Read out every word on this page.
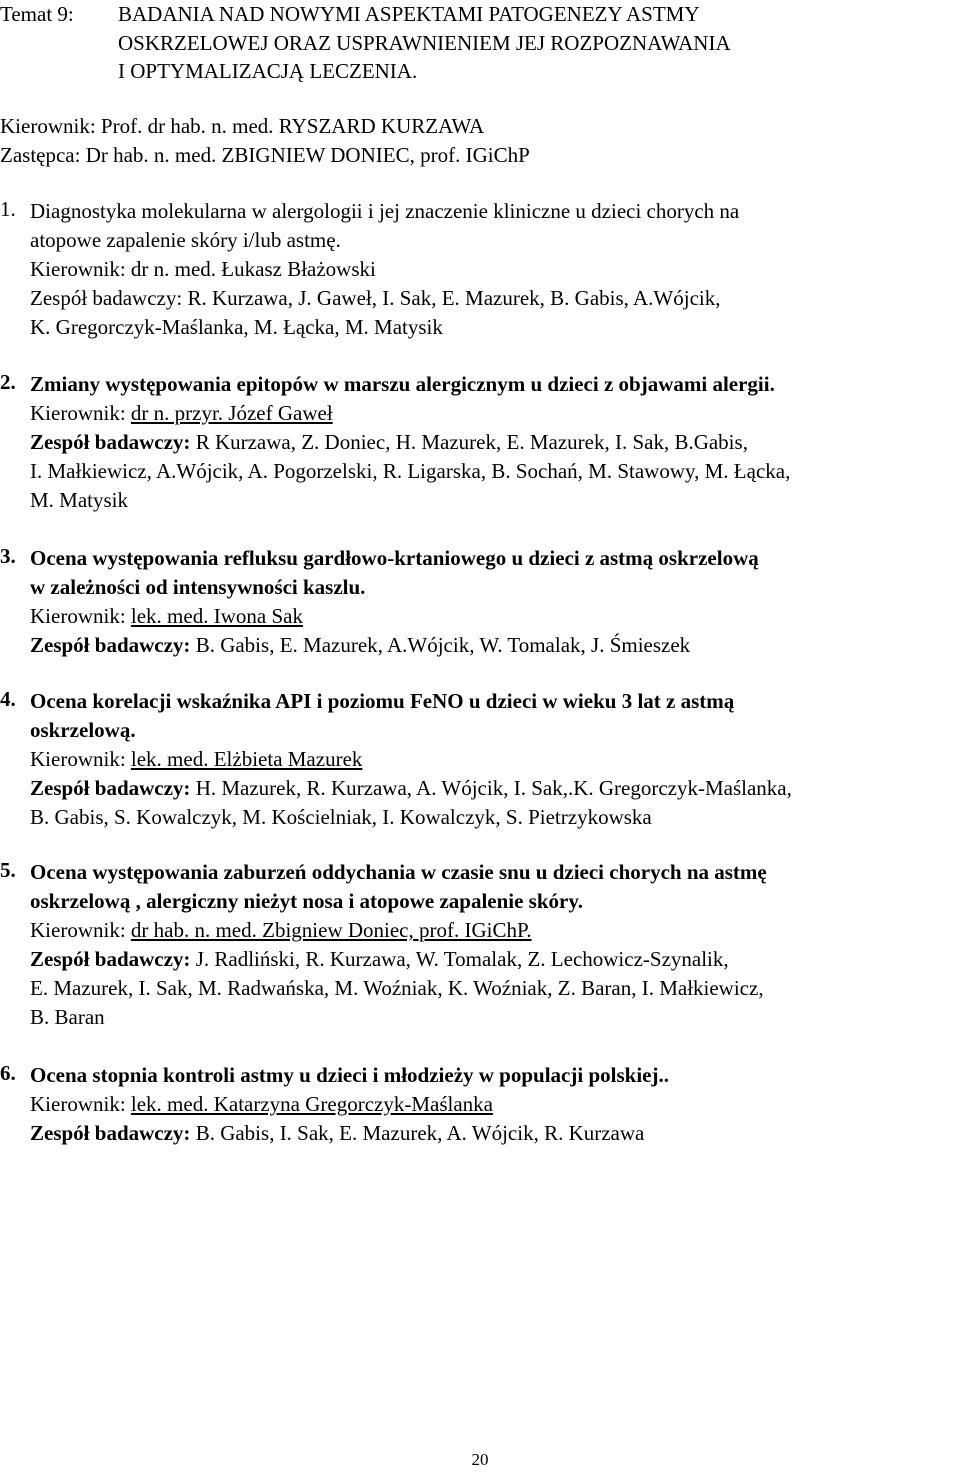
Temat 9: BADANIA NAD NOWYMI ASPEKTAMI PATOGENEZY ASTMY
OSKRZELOWEJ ORAZ USPRAWNIENIEM JEJ ROZPOZNAWANIA
I OPTYMALIZACJĄ LECZENIA.
Kierownik: Prof. dr hab. n. med. RYSZARD KURZAWA
Zastępca: Dr hab. n. med. ZBIGNIEW DONIEC, prof. IGiChP
1. Diagnostyka molekularna w alergologii i jej znaczenie kliniczne u dzieci chorych na
atopowe zapalenie skóry i/lub astmę.
Kierownik: dr n. med. Łukasz Błażowski
Zespół badawczy: R. Kurzawa, J. Gaweł, I. Sak, E. Mazurek, B. Gabis, A.Wójcik,
K. Gregorczyk-Maślanka, M. Łącka, M. Matysik
2. Zmiany występowania epitopów w marszu alergicznym u dzieci z objawami alergii.
Kierownik: dr n. przyr. Józef Gaweł
Zespół badawczy: R Kurzawa, Z. Doniec, H. Mazurek, E. Mazurek, I. Sak, B.Gabis,
I. Małkiewicz, A.Wójcik, A. Pogorzelski, R. Ligarska, B. Sochań, M. Stawowy, M. Łącka,
M. Matysik
3. Ocena występowania refluksu gardłowo-krtaniowego u dzieci z astmą oskrzelową
w zależności od intensywności kaszlu.
Kierownik: lek. med. Iwona Sak
Zespół badawczy: B. Gabis, E. Mazurek, A.Wójcik, W. Tomalak, J. Śmieszek
4. Ocena korelacji wskaźnika API i poziomu FeNO u dzieci w wieku 3 lat z astmą
oskrzelową.
Kierownik: lek. med. Elżbieta Mazurek
Zespół badawczy: H. Mazurek, R. Kurzawa, A. Wójcik, I. Sak,.K. Gregorczyk-Maślanka,
B. Gabis, S. Kowalczyk, M. Kościelniak, I. Kowalczyk, S. Pietrzykowska
5. Ocena występowania zaburzeń oddychania w czasie snu u dzieci chorych na astmę
oskrzelową , alergiczny nieżyt nosa i atopowe zapalenie skóry.
Kierownik: dr hab. n. med. Zbigniew Doniec, prof. IGiChP.
Zespół badawczy: J. Radliński, R. Kurzawa, W. Tomalak, Z. Lechowicz-Szynalik,
E. Mazurek, I. Sak, M. Radwańska, M. Woźniak, K. Woźniak, Z. Baran, I. Małkiewicz,
B. Baran
6. Ocena stopnia kontroli astmy u dzieci i młodzieży w populacji polskiej..
Kierownik: lek. med. Katarzyna Gregorczyk-Maślanka
Zespół badawczy: B. Gabis, I. Sak, E. Mazurek, A. Wójcik, R. Kurzawa
20
